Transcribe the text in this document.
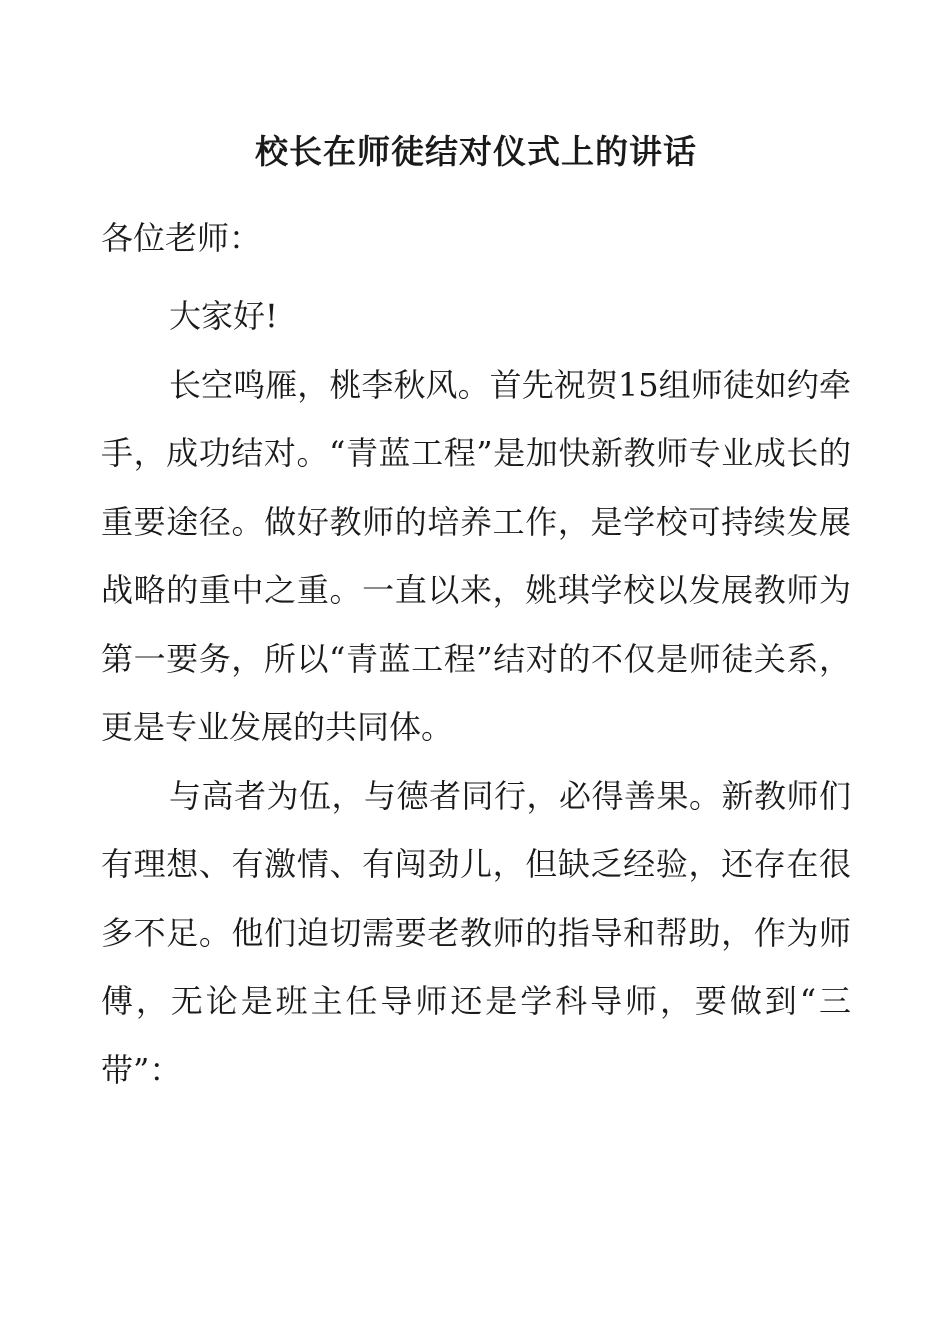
校长在师徒结对仪式上的讲话

各位老师：

大家好!

长空鸣雁，桃李秋风。首先祝贺15组师徒如约牵手，成功结对。“青蓝工程”是加快新教师专业成长的重要途径。做好教师的培养工作，是学校可持续发展战略的重中之重。一直以来，姚琪学校以发展教师为第一要务，所以“青蓝工程”结对的不仅是师徒关系，更是专业发展的共同体。

与高者为伍，与德者同行，必得善果。新教师们有理想、有激情、有闯劲儿，但缺乏经验，还存在很多不足。他们迫切需要老教师的指导和帮助，作为师傅，无论是班主任导师还是学科导师，要做到“三带”：
